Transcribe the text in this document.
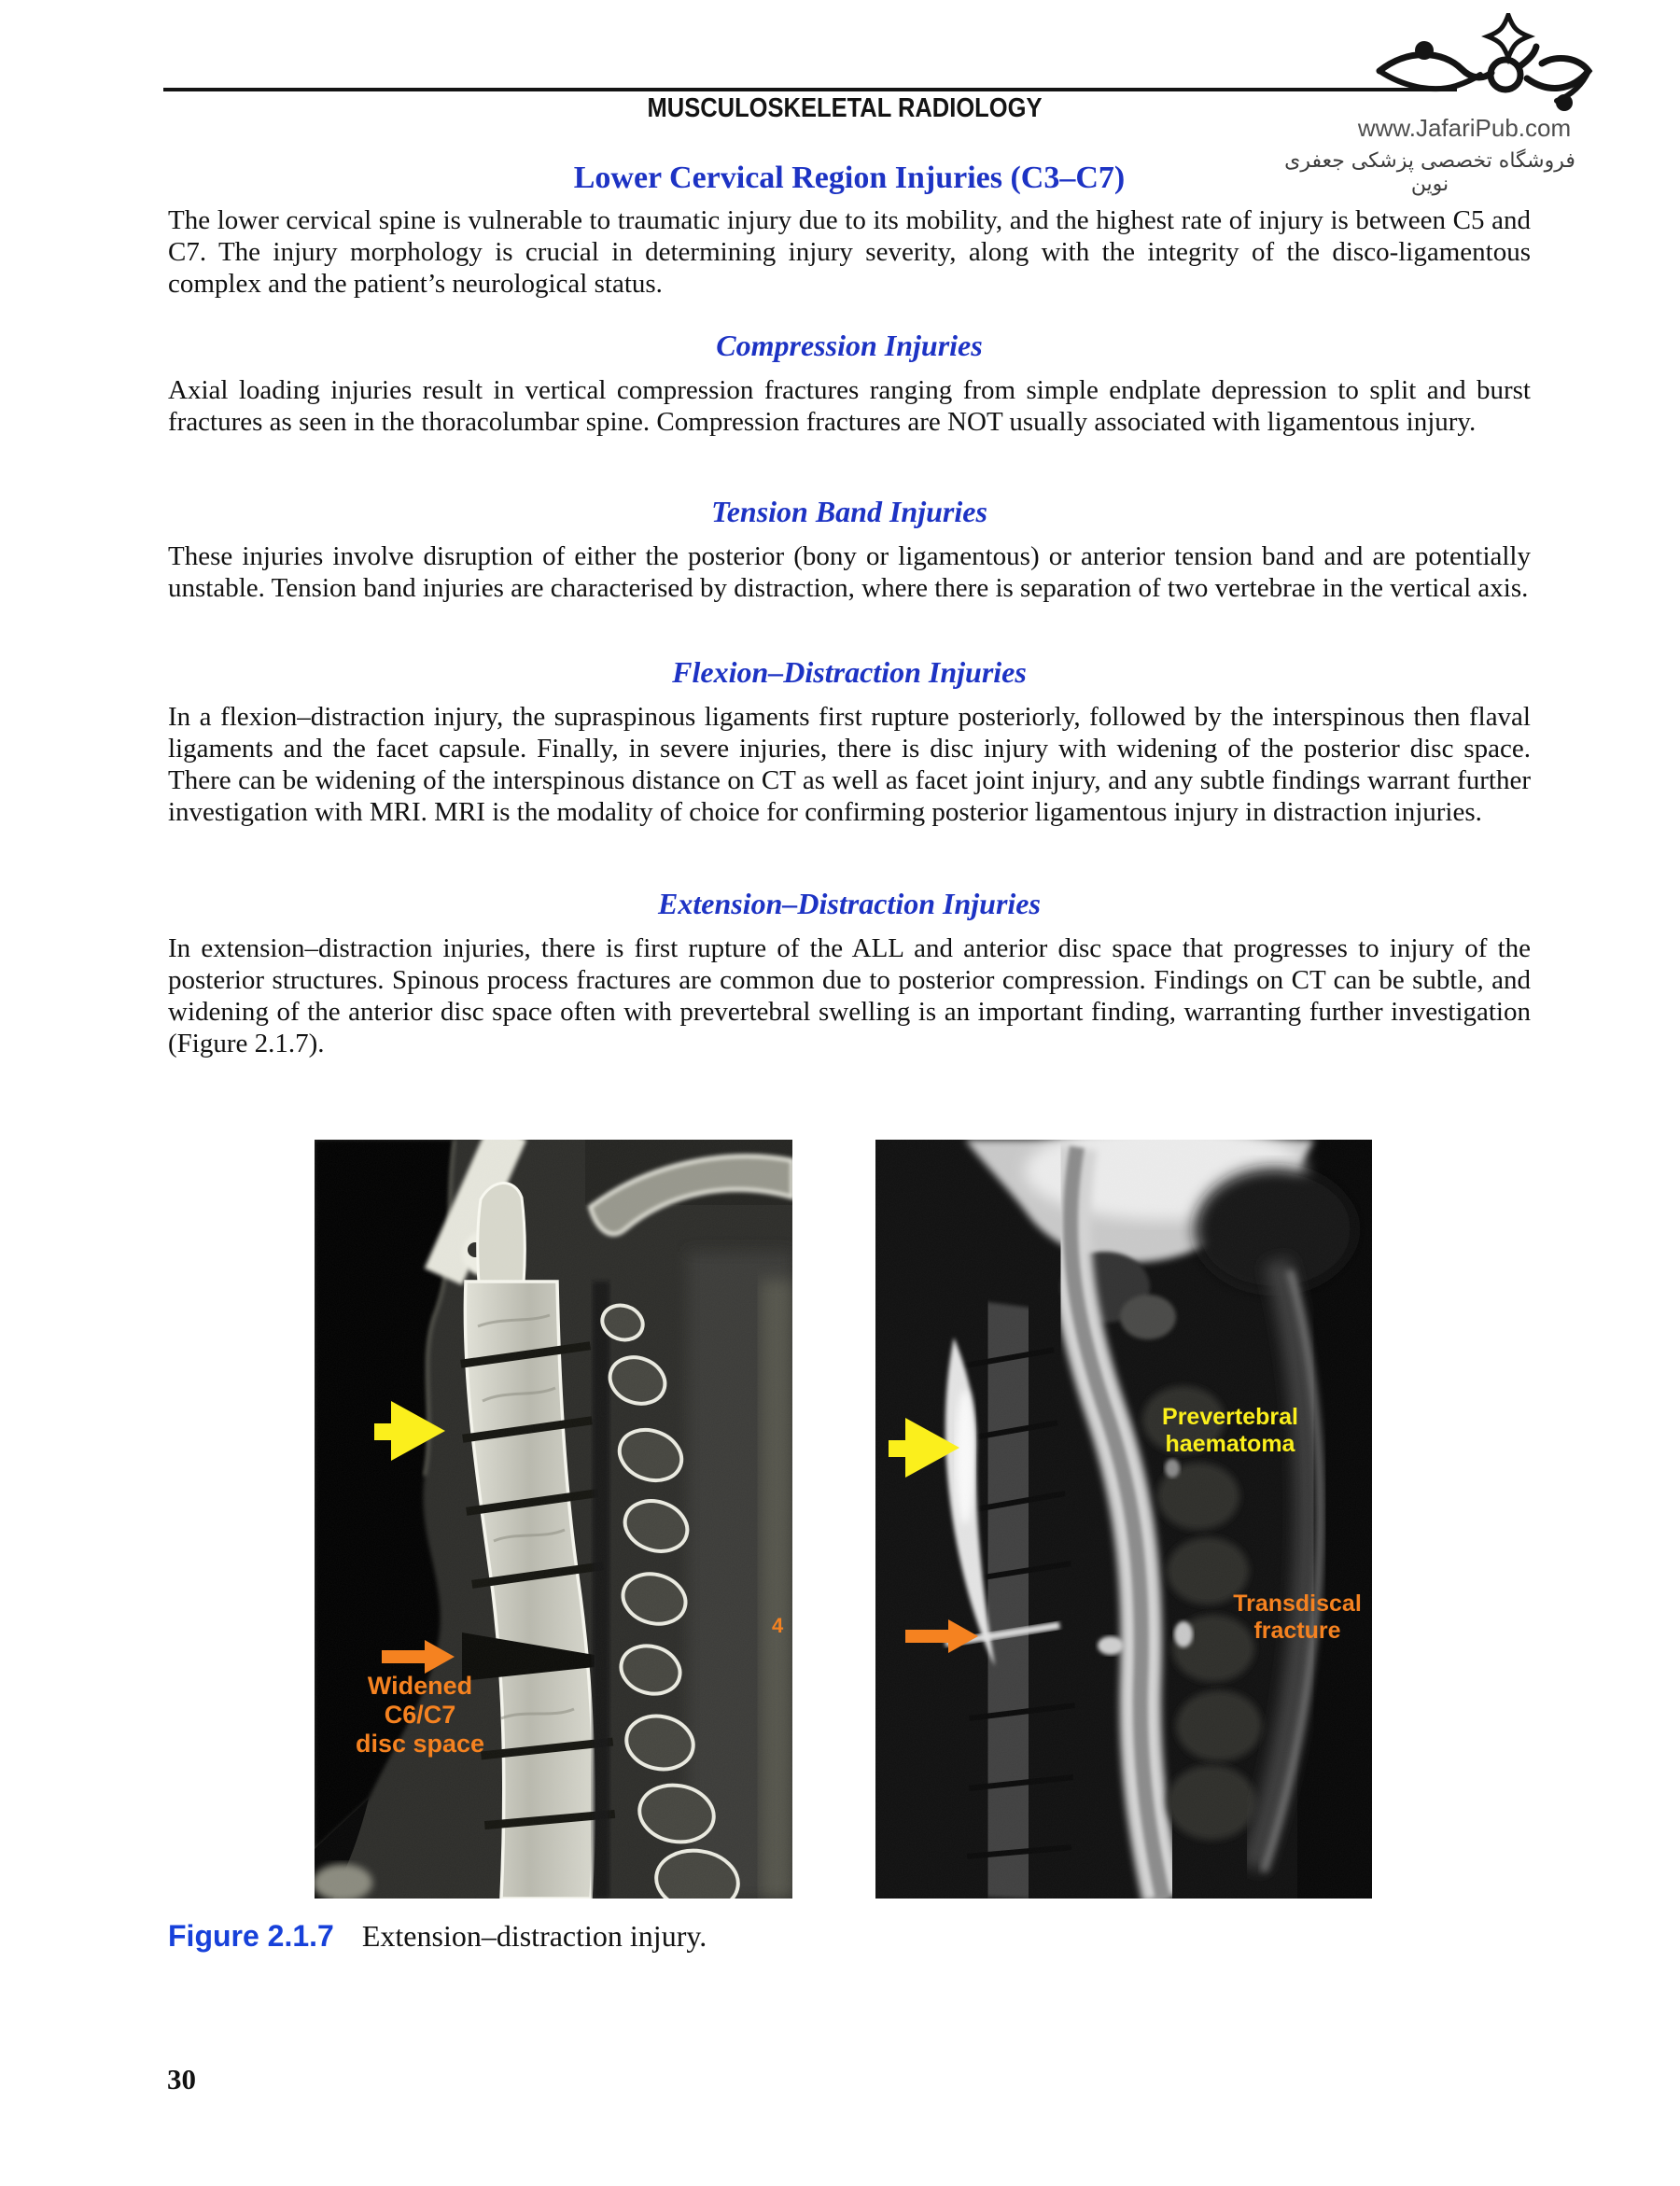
MUSCULOSKELETAL RADIOLOGY
www.JafariPub.com
فروشگاه تخصصی پزشکی جعفری نوین
Lower Cervical Region Injuries (C3–C7)
The lower cervical spine is vulnerable to traumatic injury due to its mobility, and the highest rate of injury is between C5 and C7. The injury morphology is crucial in determining injury severity, along with the integrity of the disco-ligamentous complex and the patient’s neurological status.
Compression Injuries
Axial loading injuries result in vertical compression fractures ranging from simple endplate depression to split and burst fractures as seen in the thoracolumbar spine. Compression fractures are NOT usually associated with ligamentous injury.
Tension Band Injuries
These injuries involve disruption of either the posterior (bony or ligamentous) or anterior tension band and are potentially unstable. Tension band injuries are characterised by distraction, where there is separation of two vertebrae in the vertical axis.
Flexion–Distraction Injuries
In a flexion–distraction injury, the supraspinous ligaments first rupture posteriorly, followed by the interspinous then flaval ligaments and the facet capsule. Finally, in severe injuries, there is disc injury with widening of the posterior disc space. There can be widening of the interspinous distance on CT as well as facet joint injury, and any subtle findings warrant further investigation with MRI. MRI is the modality of choice for confirming posterior ligamentous injury in distraction injuries.
Extension–Distraction Injuries
In extension–distraction injuries, there is first rupture of the ALL and anterior disc space that progresses to injury of the posterior structures. Spinous process fractures are common due to posterior compression. Findings on CT can be subtle, and widening of the anterior disc space often with prevertebral swelling is an important finding, warranting further investigation (Figure 2.1.7).
Widened
C6/C7
disc space
4
Prevertebral
haematoma
Transdiscal
fracture
Figure 2.1.7 Extension–distraction injury.
30
